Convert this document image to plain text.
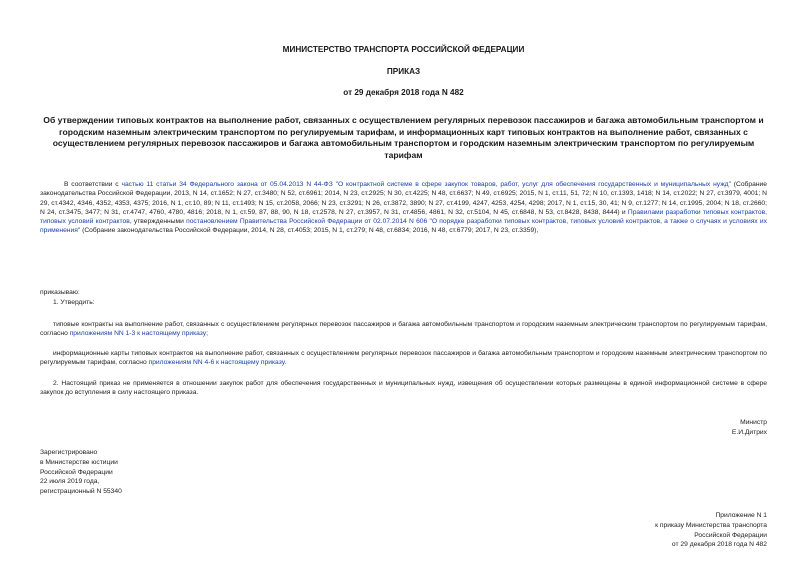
МИНИСТЕРСТВО ТРАНСПОРТА РОССИЙСКОЙ ФЕДЕРАЦИИ
ПРИКАЗ
от 29 декабря 2018 года N 482
Об утверждении типовых контрактов на выполнение работ, связанных с осуществлением регулярных перевозок пассажиров и багажа автомобильным транспортом и городским наземным электрическим транспортом по регулируемым тарифам, и информационных карт типовых контрактов на выполнение работ, связанных с осуществлением регулярных перевозок пассажиров и багажа автомобильным транспортом и городским наземным электрическим транспортом по регулируемым тарифам
В соответствии с частью 11 статьи 34 Федерального закона от 05.04.2013 N 44-ФЗ "О контрактной системе в сфере закупок товаров, работ, услуг для обеспечения государственных и муниципальных нужд" (Собрание законодательства Российской Федерации, 2013, N 14, ст.1652; N 27, ст.3480; N 52, ст.6961; 2014, N 23, ст.2925; N 30, ст.4225; N 48, ст.6637; N 49, ст.6925; 2015, N 1, ст.11, 51, 72; N 10, ст.1393, 1418; N 14, ст.2022; N 27, ст.3979, 4001; N 29, ст.4342, 4346, 4352, 4353, 4375; 2016, N 1, ст.10, 89; N 11, ст.1493; N 15, ст.2058, 2066; N 23, ст.3291; N 26, ст.3872, 3890; N 27, ст.4199, 4247, 4253, 4254, 4298; 2017, N 1, ст.15, 30, 41; N 9, ст.1277; N 14, ст.1995, 2004; N 18, ст.2660; N 24, ст.3475, 3477; N 31, ст.4747, 4760, 4780, 4816; 2018, N 1, ст.59, 87, 88, 90, N 18, ст.2578, N 27, ст.3957, N 31, ст.4856, 4861, N 32, ст.5104, N 45, ст.6848, N 53, ст.8428, 8438, 8444) и Правилами разработки типовых контрактов, типовых условий контрактов, утвержденными постановлением Правительства Российской Федерации от 02.07.2014 N 606 "О порядке разработки типовых контрактов, типовых условий контрактов, а также о случаях и условиях их применения" (Собрание законодательства Российской Федерации, 2014, N 28, ст.4053; 2015, N 1, ст.279; N 48, ст.6834; 2016, N 48, ст.6779; 2017, N 23, ст.3359),
приказываю:
1. Утвердить:
типовые контракты на выполнение работ, связанных с осуществлением регулярных перевозок пассажиров и багажа автомобильным транспортом и городским наземным электрическим транспортом по регулируемым тарифам, согласно приложениям NN 1-3 к настоящему приказу;
информационные карты типовых контрактов на выполнение работ, связанных с осуществлением регулярных перевозок пассажиров и багажа автомобильным транспортом и городским наземным электрическим транспортом по регулируемым тарифам, согласно приложениям NN 4-6 к настоящему приказу.
2. Настоящий приказ не применяется в отношении закупок работ для обеспечения государственных и муниципальных нужд, извещения об осуществлении которых размещены в единой информационной системе в сфере закупок до вступления в силу настоящего приказа.
Министр
Е.И.Дитрих
Зарегистрировано
в Министерстве юстиции
Российской Федерации
22 июля 2019 года,
регистрационный N 55340
Приложение N 1
к приказу Министерства транспорта
Российской Федерации
от 29 декабря 2018 года N 482
